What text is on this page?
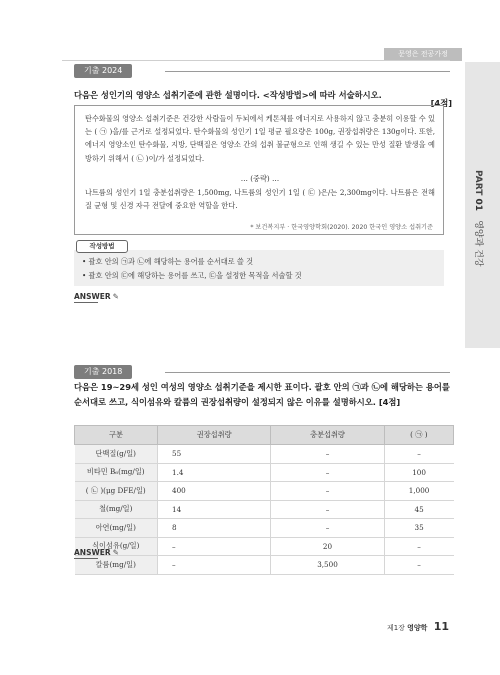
문영은 전공가정
PART 01 영양과 건강
기출 2024
다음은 성인기의 영양소 섭취기준에 관한 설명이다. <작성방법>에 따라 서술하시오.
[4점]

탄수화물의 영양소 섭취기준은 건강한 사람들이 두뇌에서 케톤체를 에너지로 사용하지 않고 충분히 이용할 수 있는 ( ㉠ )을/를 근거로 설정되었다. 탄수화물의 성인기 1일 평균 필요량은 100g, 권장섭취량은 130g이다. 또한, 에너지 영양소인 탄수화물, 지방, 단백질은 영양소 간의 섭취 불균형으로 인해 생길 수 있는 만성 질환 발생을 예방하기 위해서 ( ㉡ )이/가 설정되었다.

… (중략) …

나트륨의 성인기 1일 충분섭취량은 1,500mg, 나트륨의 성인기 1일 ( ㉢ )은/는 2,300mg이다. 나트륨은 전해질 균형 및 신경 자극 전달에 중요한 역할을 한다.

* 보건복지부 · 한국영양학회(2020). 2020 한국인 영양소 섭취기준
• 괄호 안의 ㉠과 ㉡에 해당하는 용어를 순서대로 쓸 것
• 괄호 안의 ㉢에 해당하는 용어를 쓰고, ㉢을 설정한 목적을 서술할 것
작성방법
ANSWER ✎
기출 2018
다음은 19~29세 성인 여성의 영양소 섭취기준을 제시한 표이다. 괄호 안의 ㉠과 ㉡에 해당하는 용어를 순서대로 쓰고, 식이섬유와 칼륨의 권장섭취량이 설정되지 않은 이유를 설명하시오. [4점]
구분	권장섭취량	충분섭취량	( ㉠ )
단백질(g/일)	55	–	–
비타민 B₆(mg/일)	1.4	–	100
( ㉡ )(μg DFE/일)	400	–	1,000
철(mg/일)	14	–	45
아연(mg/일)	8	–	35
식이섬유(g/일)	–	20	–
칼륨(mg/일)	–	3,500	–
ANSWER ✎
제1장 영양학 11
